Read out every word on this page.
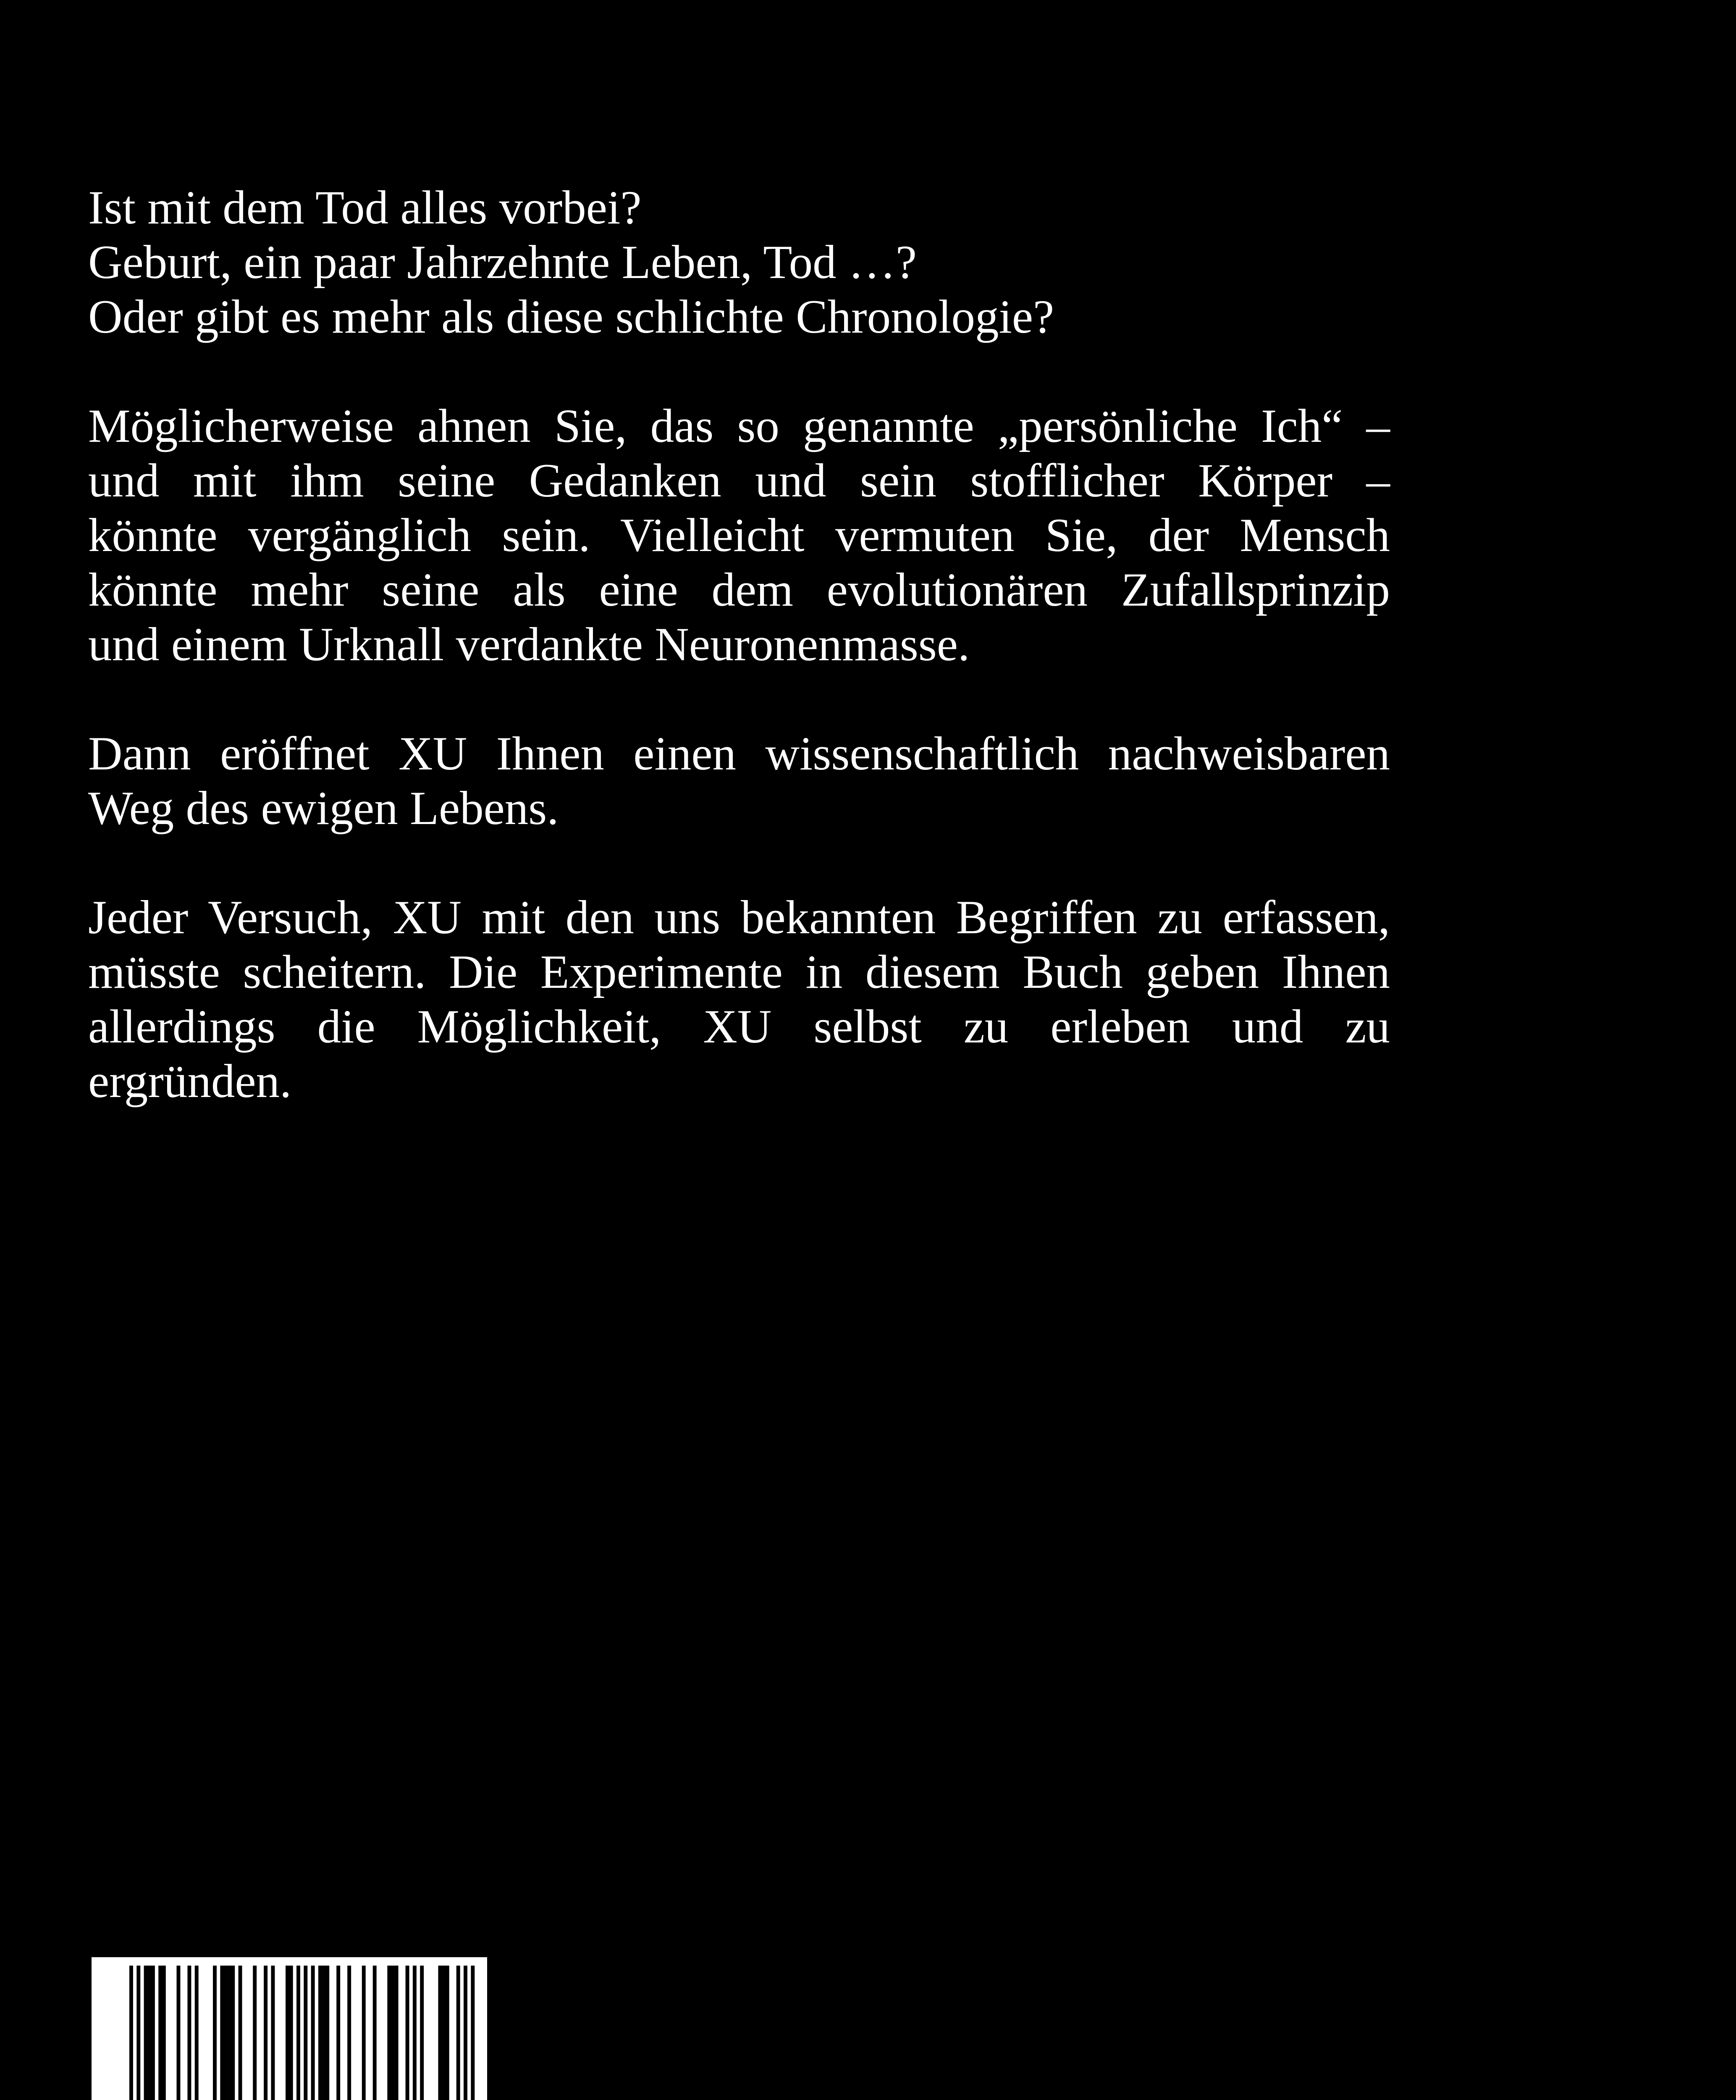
Ist mit dem Tod alles vorbei?
Geburt, ein paar Jahrzehnte Leben, Tod …?
Oder gibt es mehr als diese schlichte Chronologie?
Möglicherweise ahnen Sie, das so genannte „persönliche Ich“ –
und mit ihm seine Gedanken und sein stofflicher Körper –
könnte vergänglich sein. Vielleicht vermuten Sie, der Mensch
könnte mehr seine als eine dem evolutionären Zufallsprinzip
und einem Urknall verdankte Neuronenmasse.
Dann eröffnet XU Ihnen einen wissenschaftlich nachweisbaren
Weg des ewigen Lebens.
Jeder Versuch, XU mit den uns bekannten Begriffen zu erfassen,
müsste scheitern. Die Experimente in diesem Buch geben Ihnen
allerdings die Möglichkeit, XU selbst zu erleben und zu
ergründen.
